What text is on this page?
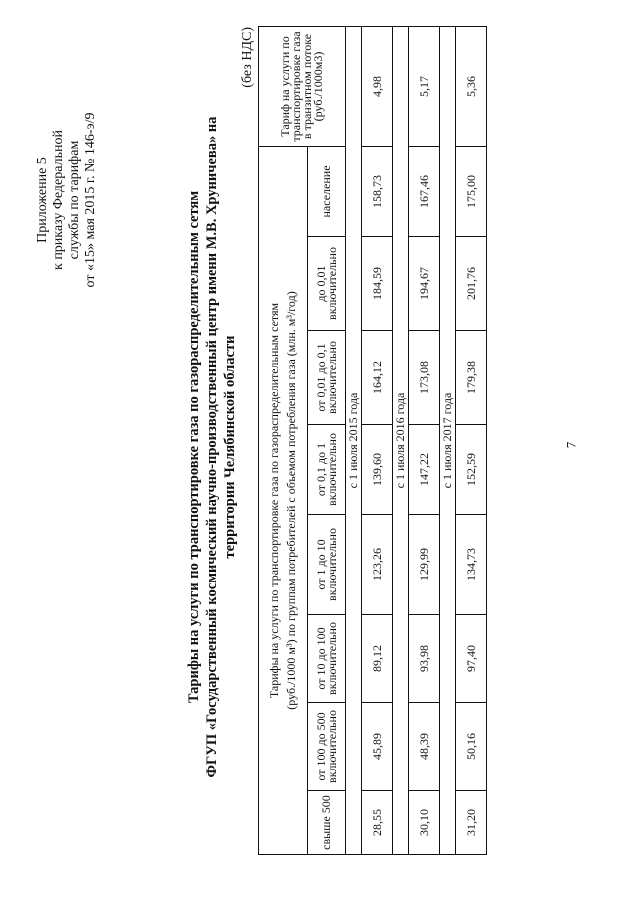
7
Приложение 5 к приказу Федеральной службы по тарифам от «15» мая 2015 г. № 146-э/9	Тарифы на услуги по транспортировке газа по газораспределительным сетям ФГУП «Государственный космический научно-производственный центр имени М.В. Хруничева» на территории Челябинской области
(без НДС)
Тарифы на услуги по транспортировке газа по газораспределительным сетям (руб./1000 м³) по группам потребителей с объемом потребления газа (млн. м³/год)								Тариф на услуги по транспортировке газа в транзитном потоке (руб./1000м3)
свыше 500	от 100 до 500 включительно	от 10 до 100 включительно	от 1 до 10 включительно	от 0,1 до 1 включительно	от 0,01 до 0,1 включительно	до 0,01 включительно	население	
с 1 июля 2015 года								
28,55	45,89	89,12	123,26	139,60	164,12	184,59	158,73	4,98
с 1 июля 2016 года								
30,10	48,39	93,98	129,99	147,22	173,08	194,67	167,46	5,17
с 1 июля 2017 года								
31,20	50,16	97,40	134,73	152,59	179,38	201,76	175,00	5,36
